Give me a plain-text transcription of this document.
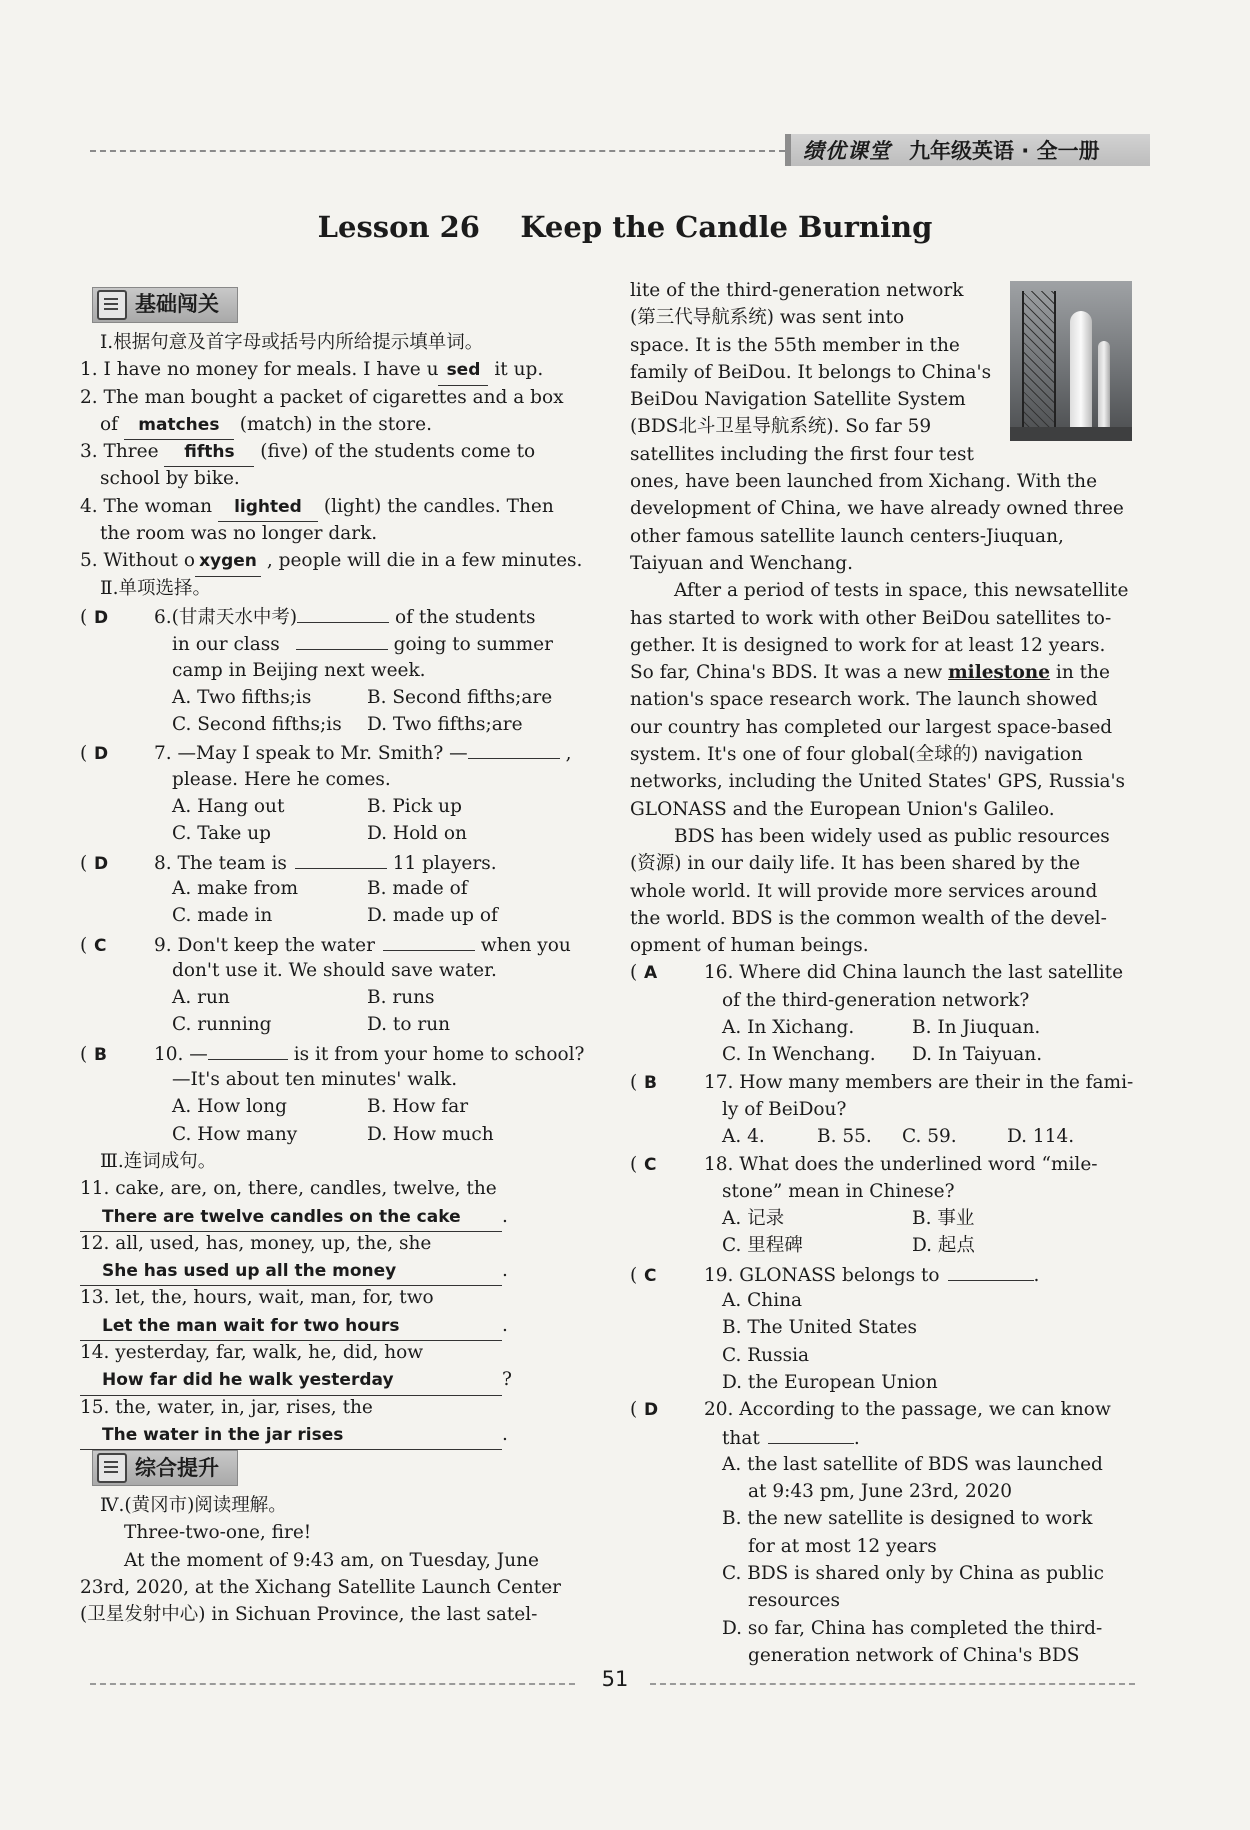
绩优课堂 九年级英语 · 全一册
Lesson 26    Keep the Candle Burning
基础闯关
Ⅰ.根据句意及首字母或括号内所给提示填单词。
1. I have no money for meals. I have u sed it up.
2. The man bought a packet of cigarettes and a box
of matches (match) in the store.
3. Three fifths (five) of the students come to
school by bike.
4. The woman lighted (light) the candles. Then
the room was no longer dark.
5. Without o xygen , people will die in a few minutes.
Ⅱ.单项选择。
( D 6.(甘肃天水中考)	of the students
in our class	going to summer
camp in Beijing next week.
A. Two fifths;is	B. Second fifths;are
C. Second fifths;is D. Two fifths;are
( D 7. —May I speak to Mr. Smith? —	,
please. Here he comes.
A. Hang out	B. Pick up
C. Take up	D. Hold on
( D 8. The team is	11 players.
A. make from	B. made of
C. made in	D. made up of
( C	9. Don't keep the water	when you
don't use it. We should save water.
A. run	B. runs
C. running	D. to run
( B	10. —	is it from your home to school?
—It's about ten minutes' walk.
A. How long	B. How far
C. How many	D. How much
Ⅲ.连词成句。
11. cake, are, on, there, candles, twelve, the
There are twelve candles on the cake .
12. all, used, has, money, up, the, she
She has used up all the money	.
13. let, the, hours, wait, man, for, two
Let the man wait for two hours	.
14. yesterday, far, walk, he, did, how
How far did he walk yesterday	?
15. the, water, in, jar, rises, the
The water in the jar rises	.
综合提升
Ⅳ.(黄冈市)阅读理解。
Three-two-one, fire!
At the moment of 9:43 am, on Tuesday, June
23rd, 2020, at the Xichang Satellite Launch Center
(卫星发射中心) in Sichuan Province, the last satel-
lite of the third-generation network
(第三代导航系统) was sent into
space. It is the 55th member in the
family of BeiDou. It belongs to China's
BeiDou Navigation Satellite System
(BDS北斗卫星导航系统). So far 59
satellites including the first four test
ones, have been launched from Xichang. With the
development of China, we have already owned three
other famous satellite launch centers-Jiuquan,
Taiyuan and Wenchang.
After a period of tests in space, this newsatellite
has started to work with other BeiDou satellites to-
gether. It is designed to work for at least 12 years.
So far, China's BDS. It was a new milestone in the
nation's space research work. The launch showed
our country has completed our largest space-based
system. It's one of four global(全球的) navigation
networks, including the United States' GPS, Russia's
GLONASS and the European Union's Galileo.
BDS has been widely used as public resources
(资源) in our daily life. It has been shared by the
whole world. It will provide more services around
the world. BDS is the common wealth of the devel-
opment of human beings.
( A	16. Where did China launch the last satellite
of the third-generation network?
A. In Xichang.	B. In Jiuquan.
C. In Wenchang. D. In Taiyuan.
( B	17. How many members are their in the fami-
ly of BeiDou?
A. 4.	B. 55. C. 59.	D. 114.
( C	18. What does the underlined word “mile-
stone” mean in Chinese?
A. 记录	B. 事业
C. 里程碑	D. 起点
( C	19. GLONASS belongs to	.
A. China
B. The United States
C. Russia
D. the European Union
( D 20. According to the passage, we can know
that	.
A. the last satellite of BDS was launched
at 9:43 pm, June 23rd, 2020
B. the new satellite is designed to work
for at most 12 years
C. BDS is shared only by China as public
resources
D. so far, China has completed the third-
generation network of China's BDS
51
